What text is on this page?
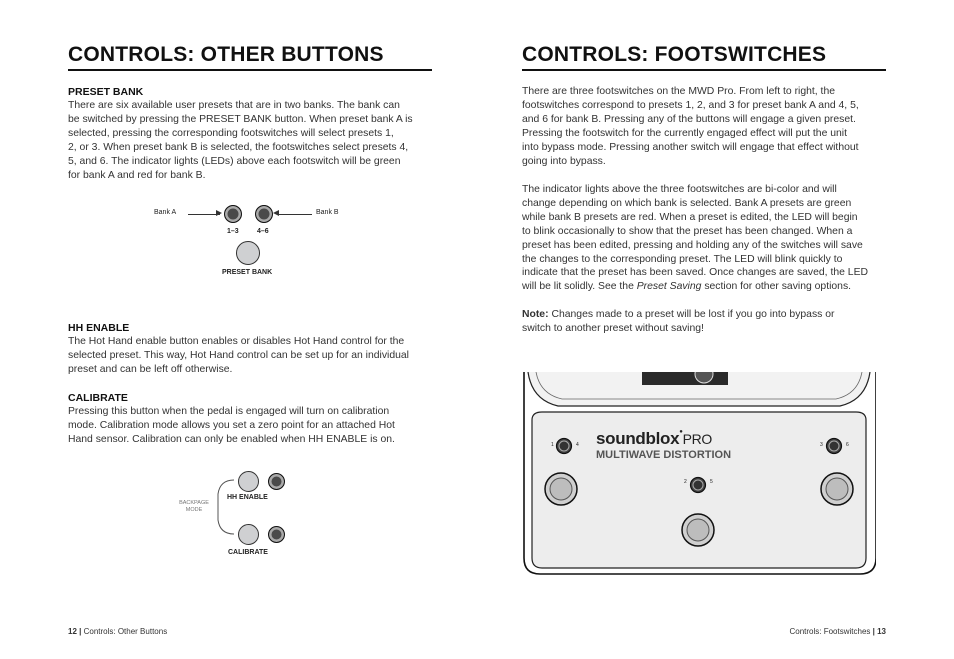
CONTROLS: OTHER BUTTONS
PRESET BANK
There are six available user presets that are in two banks. The bank can
be switched by pressing the PRESET BANK button. When preset bank A is
selected, pressing the corresponding footswitches will select presets 1,
2, or 3. When preset bank B is selected, the footswitches select presets 4,
5, and 6. The indicator lights (LEDs) above each footswitch will be green
for bank A and red for bank B.
Bank A	Bank B
1–3	4–6
PRESET BANK
HH ENABLE
The Hot Hand enable button enables or disables Hot Hand control for the
selected preset. This way, Hot Hand control can be set up for an individual
preset and can be left off otherwise.
CALIBRATE
Pressing this button when the pedal is engaged will turn on calibration
mode. Calibration mode allows you set a zero point for an attached Hot
Hand sensor. Calibration can only be enabled when HH ENABLE is on.
BACKPAGE
MODE
HH ENABLE
CALIBRATE
12 | Controls: Other Buttons
CONTROLS: FOOTSWITCHES
There are three footswitches on the MWD Pro. From left to right, the
footswitches correspond to presets 1, 2, and 3 for preset bank A and 4, 5,
and 6 for bank B. Pressing any of the buttons will engage a given preset.
Pressing the footswitch for the currently engaged effect will put the unit
into bypass mode. Pressing another switch will engage that effect without
going into bypass.
The indicator lights above the three footswitches are bi-color and will
change depending on which bank is selected. Bank A presets are green
while bank B presets are red. When a preset is edited, the LED will begin
to blink occasionally to show that the preset has been changed. When a
preset has been edited, pressing and holding any of the switches will save
the changes to the corresponding preset. The LED will blink quickly to
indicate that the preset has been saved. Once changes are saved, the LED
will be lit solidly. See the Preset Saving section for other saving options.
Note: Changes made to a preset will be lost if you go into bypass or
switch to another preset without saving!
soundblox●PRO
MULTIWAVE DISTORTION
1	4
2	5
3	6
Controls: Footswitches | 13
